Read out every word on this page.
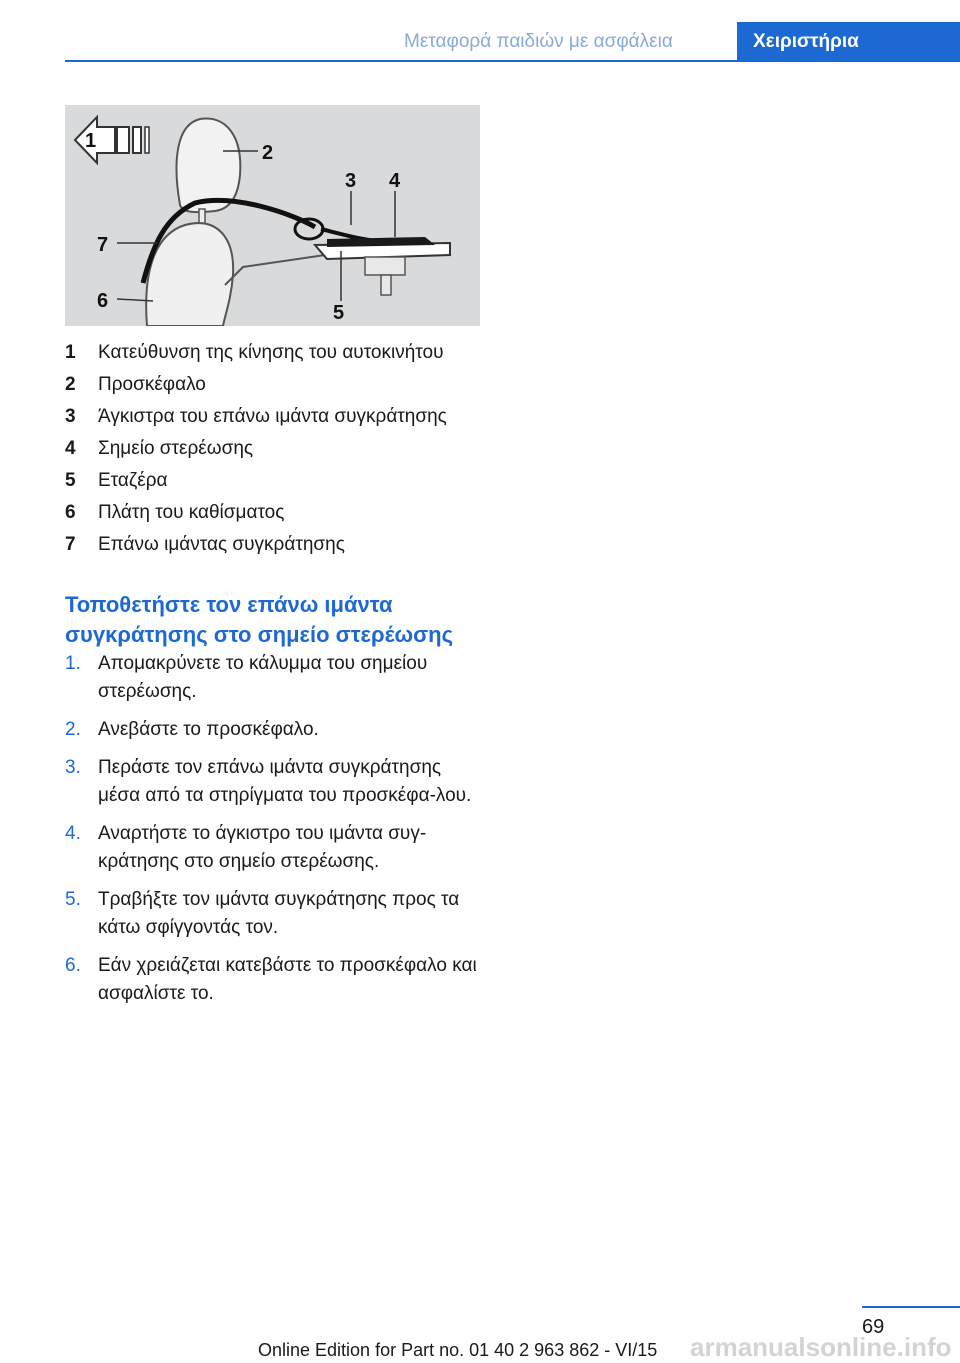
Μεταφορά παιδιών με ασφάλεια	Χειριστήρια
1
2
3 4
5
6
7
1 Κατεύθυνση της κίνησης του αυτοκινήτου
2 Προσκέφαλο
3 Άγκιστρα του επάνω ιμάντα συγκράτησης
4 Σημείο στερέωσης
5 Εταζέρα
6 Πλάτη του καθίσματος
7 Επάνω ιμάντας συγκράτησης
Τοποθετήστε τον επάνω ιμάντα συγκράτησης στο σημείο στερέωσης
1. Απομακρύνετε το κάλυμμα του σημείου στερέωσης.
2. Ανεβάστε το προσκέφαλο.
3. Περάστε τον επάνω ιμάντα συγκράτησης μέσα από τα στηρίγματα του προσκέφα‐λου.
4. Αναρτήστε το άγκιστρο του ιμάντα συγ‐κράτησης στο σημείο στερέωσης.
5. Τραβήξτε τον ιμάντα συγκράτησης προς τα κάτω σφίγγοντάς τον.
6. Εάν χρειάζεται κατεβάστε το προσκέφαλο και ασφαλίστε το.
69
Online Edition for Part no. 01 40 2 963 862 - VI/15	armanualsonline.info
